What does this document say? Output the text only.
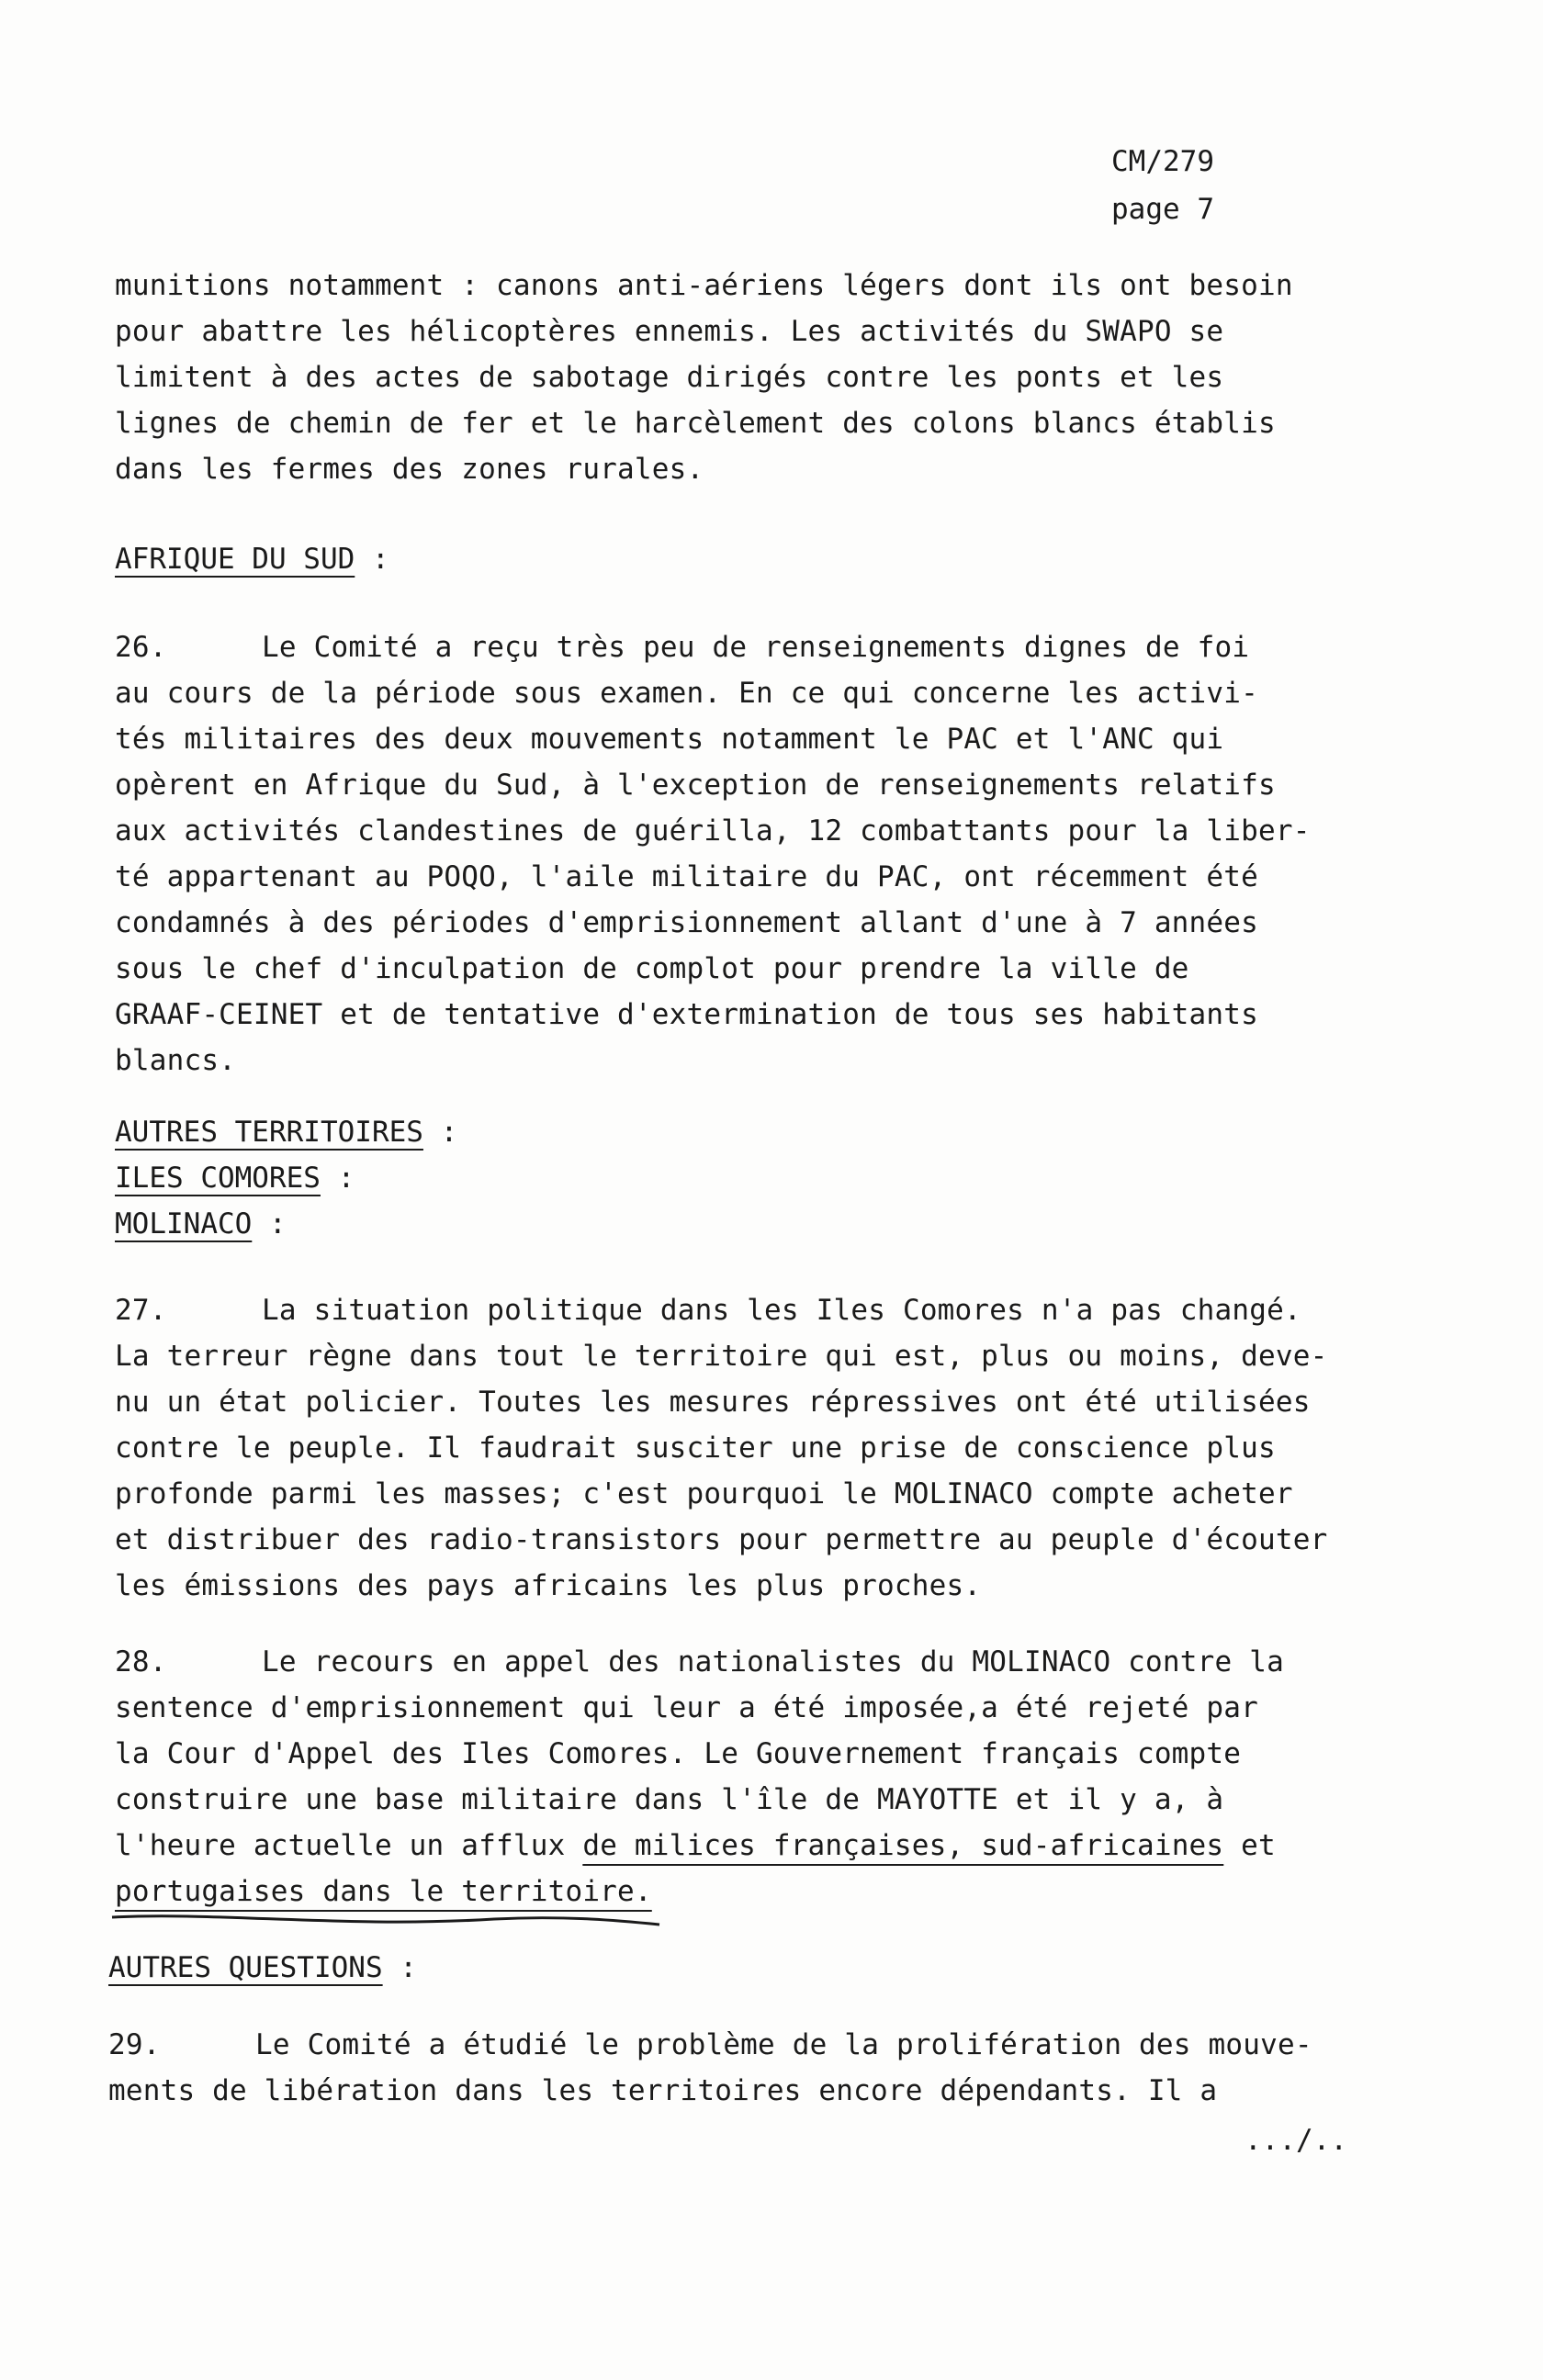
CM/279
page 7
munitions notamment : canons anti-aériens légers dont ils ont besoin
pour abattre les hélicoptères ennemis. Les activités du SWAPO se
limitent à des actes de sabotage dirigés contre les ponts et les
lignes de chemin de fer et le harcèlement des colons blancs établis
dans les fermes des zones rurales.
AFRIQUE DU SUD :
26.	Le Comité a reçu très peu de renseignements dignes de foi
au cours de la période sous examen. En ce qui concerne les activi-
tés militaires des deux mouvements notamment le PAC et l'ANC qui
opèrent en Afrique du Sud, à l'exception de renseignements relatifs
aux activités clandestines de guérilla, 12 combattants pour la liber-
té appartenant au POQO, l'aile militaire du PAC, ont récemment été
condamnés à des périodes d'emprisionnement allant d'une à 7 années
sous le chef d'inculpation de complot pour prendre la ville de
GRAAF-CEINET et de tentative d'extermination de tous ses habitants
blancs.
AUTRES TERRITOIRES :
ILES COMORES :
MOLINACO :
27.	La situation politique dans les Iles Comores n'a pas changé.
La terreur règne dans tout le territoire qui est, plus ou moins, deve-
nu un état policier. Toutes les mesures répressives ont été utilisées
contre le peuple. Il faudrait susciter une prise de conscience plus
profonde parmi les masses; c'est pourquoi le MOLINACO compte acheter
et distribuer des radio-transistors pour permettre au peuple d'écouter
les émissions des pays africains les plus proches.
28.	Le recours en appel des nationalistes du MOLINACO contre la
sentence d'emprisionnement qui leur a été imposée,a été rejeté par
la Cour d'Appel des Iles Comores. Le Gouvernement français compte
construire une base militaire dans l'île de MAYOTTE et il y a, à
l'heure actuelle un afflux de milices françaises, sud-africaines et
portugaises dans le territoire.
AUTRES QUESTIONS :
29.	Le Comité a étudié le problème de la prolifération des mouve-
ments de libération dans les territoires encore dépendants. Il a
.../..
